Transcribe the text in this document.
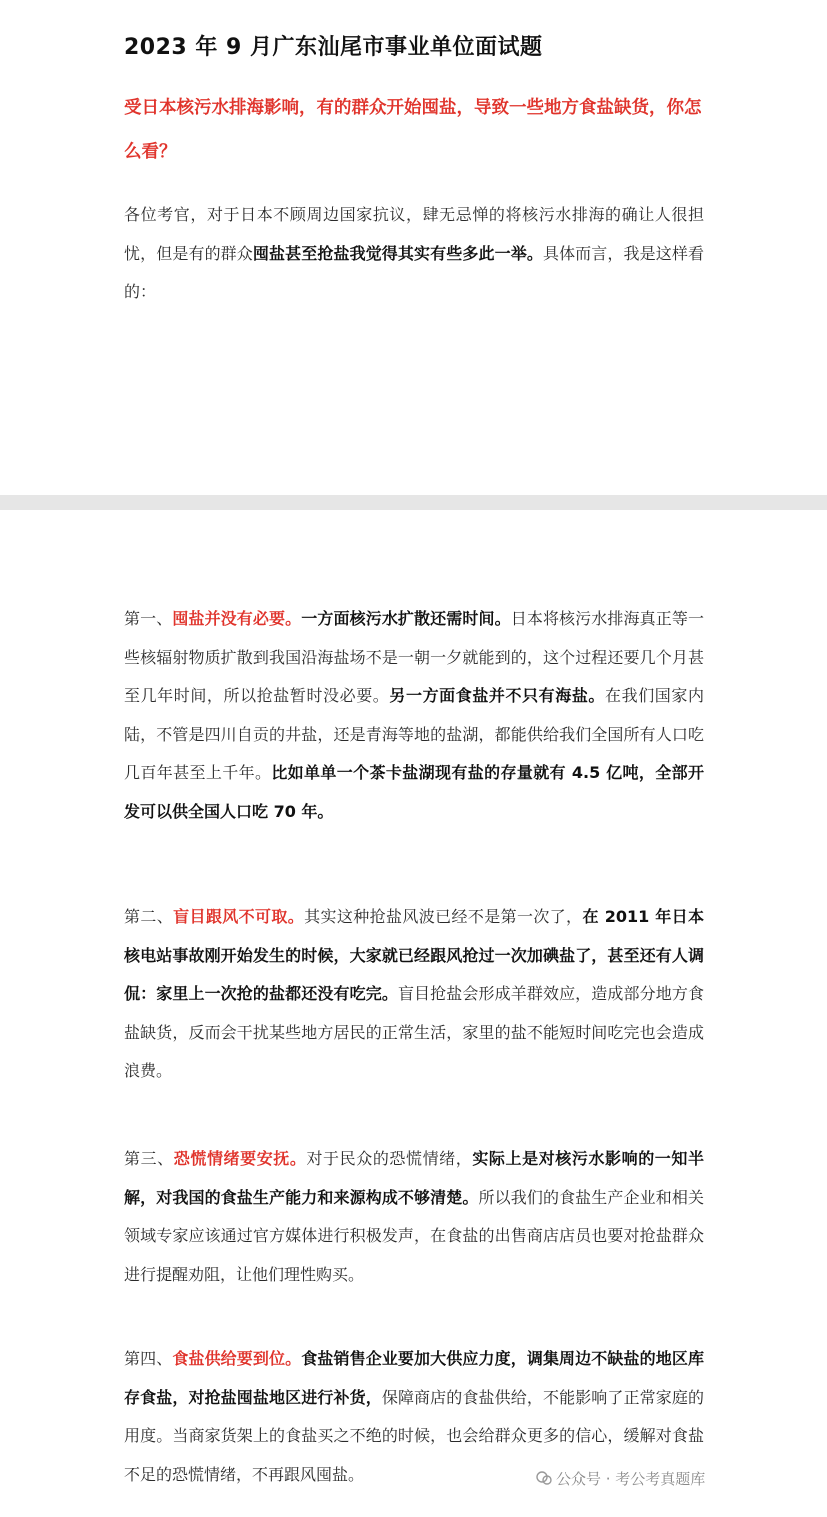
2023 年 9 月广东汕尾市事业单位面试题
受日本核污水排海影响，有的群众开始囤盐，导致一些地方食盐缺货，你怎么看？
各位考官，对于日本不顾周边国家抗议，肆无忌惮的将核污水排海的确让人很担忧，但是有的群众囤盐甚至抢盐我觉得其实有些多此一举。具体而言，我是这样看的：
第一、囤盐并没有必要。一方面核污水扩散还需时间。日本将核污水排海真正等一些核辐射物质扩散到我国沿海盐场不是一朝一夕就能到的，这个过程还要几个月甚至几年时间，所以抢盐暂时没必要。另一方面食盐并不只有海盐。在我们国家内陆，不管是四川自贡的井盐，还是青海等地的盐湖，都能供给我们全国所有人口吃几百年甚至上千年。比如单单一个茶卡盐湖现有盐的存量就有 4.5 亿吨，全部开发可以供全国人口吃 70 年。
第二、盲目跟风不可取。其实这种抢盐风波已经不是第一次了，在 2011 年日本核电站事故刚开始发生的时候，大家就已经跟风抢过一次加碘盐了，甚至还有人调侃：家里上一次抢的盐都还没有吃完。盲目抢盐会形成羊群效应，造成部分地方食盐缺货，反而会干扰某些地方居民的正常生活，家里的盐不能短时间吃完也会造成浪费。
第三、恐慌情绪要安抚。对于民众的恐慌情绪，实际上是对核污水影响的一知半解，对我国的食盐生产能力和来源构成不够清楚。所以我们的食盐生产企业和相关领域专家应该通过官方媒体进行积极发声，在食盐的出售商店店员也要对抢盐群众进行提醒劝阻，让他们理性购买。
第四、食盐供给要到位。食盐销售企业要加大供应力度，调集周边不缺盐的地区库存食盐，对抢盐囤盐地区进行补货，保障商店的食盐供给，不能影响了正常家庭的用度。当商家货架上的食盐买之不绝的时候，也会给群众更多的信心，缓解对食盐不足的恐慌情绪，不再跟风囤盐。	公众号 · 考公考真题库
